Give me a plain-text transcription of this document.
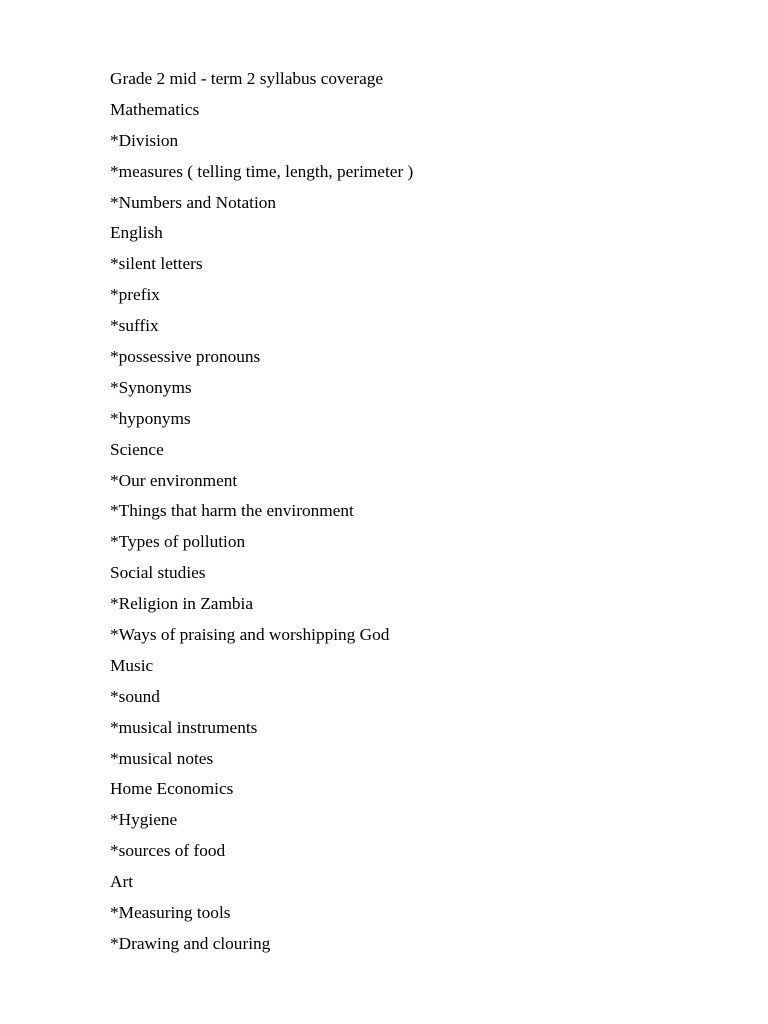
Grade 2 mid - term 2 syllabus coverage
Mathematics
*Division
*measures ( telling time, length, perimeter )
*Numbers and Notation
English
*silent letters
*prefix
*suffix
*possessive pronouns
*Synonyms
*hyponyms
Science
*Our environment
*Things that harm the environment
*Types of pollution
Social studies
*Religion in Zambia
*Ways of praising and worshipping God
Music
*sound
*musical instruments
*musical notes
Home Economics
*Hygiene
*sources of food
Art
*Measuring tools
*Drawing and clouring
